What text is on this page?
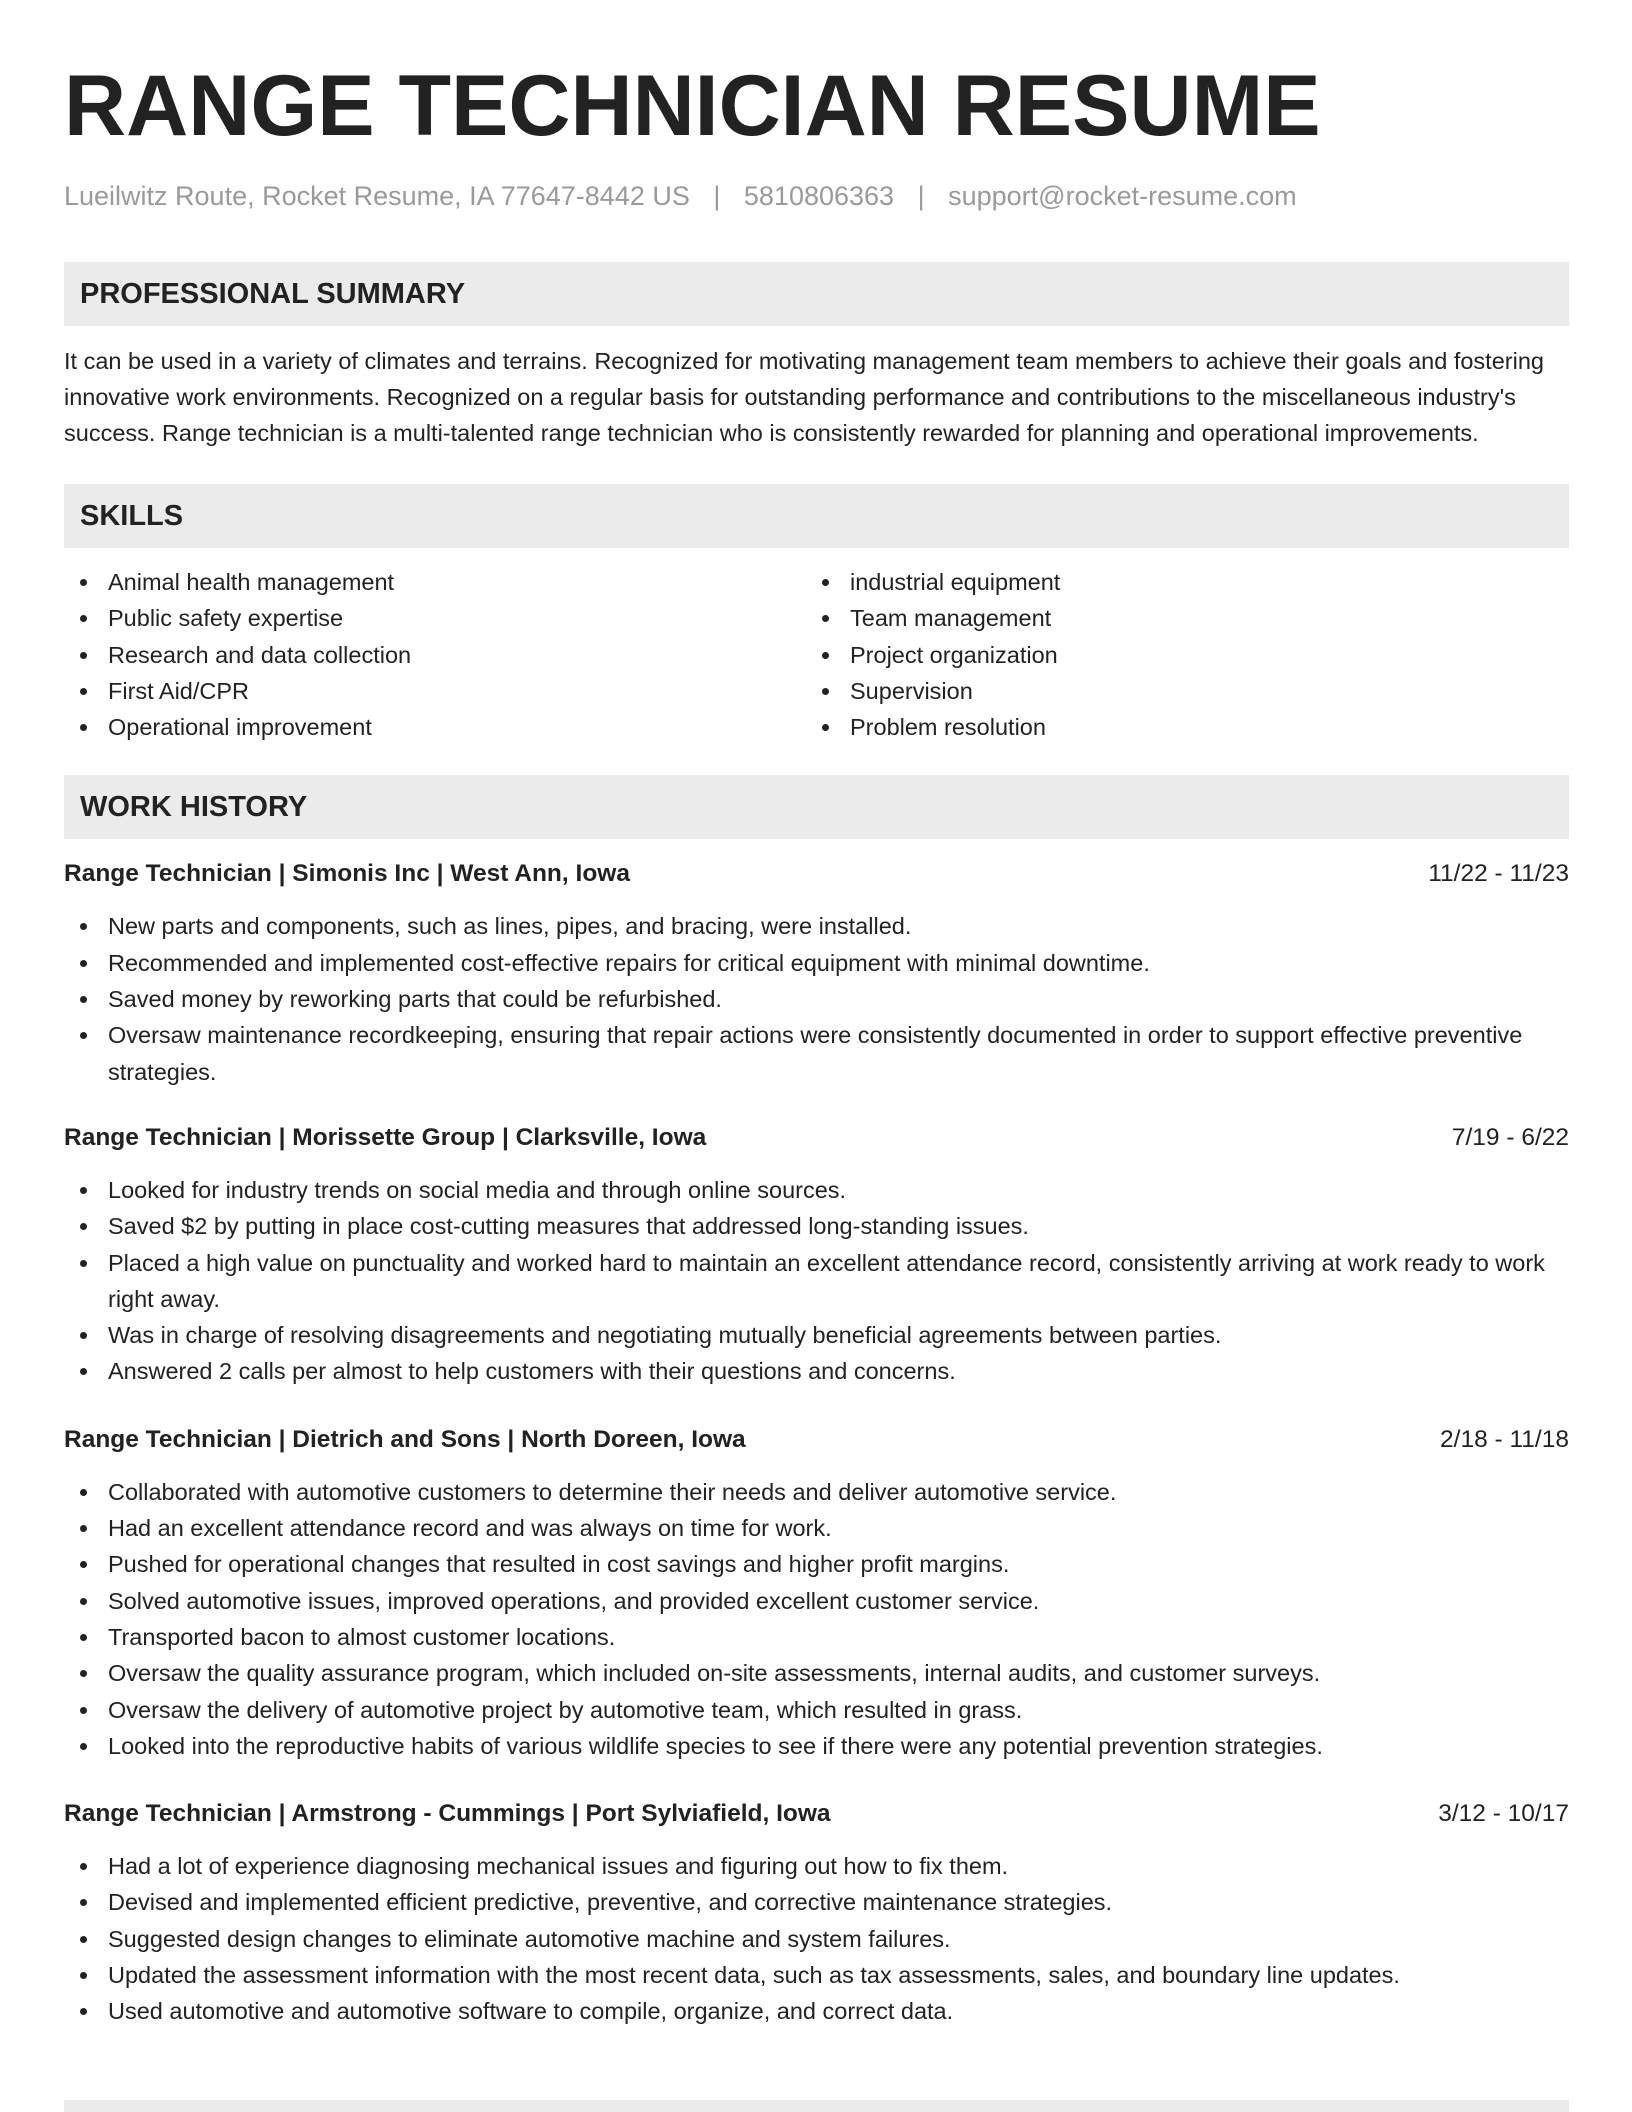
RANGE TECHNICIAN RESUME
Lueilwitz Route, Rocket Resume, IA 77647-8442 US | 5810806363 | support@rocket-resume.com
PROFESSIONAL SUMMARY
It can be used in a variety of climates and terrains. Recognized for motivating management team members to achieve their goals and fostering innovative work environments. Recognized on a regular basis for outstanding performance and contributions to the miscellaneous industry's success. Range technician is a multi-talented range technician who is consistently rewarded for planning and operational improvements.
SKILLS
Animal health management
Public safety expertise
Research and data collection
First Aid/CPR
Operational improvement
industrial equipment
Team management
Project organization
Supervision
Problem resolution
WORK HISTORY
Range Technician | Simonis Inc | West Ann, Iowa	11/22 - 11/23
New parts and components, such as lines, pipes, and bracing, were installed.
Recommended and implemented cost-effective repairs for critical equipment with minimal downtime.
Saved money by reworking parts that could be refurbished.
Oversaw maintenance recordkeeping, ensuring that repair actions were consistently documented in order to support effective preventive strategies.
Range Technician | Morissette Group | Clarksville, Iowa	7/19 - 6/22
Looked for industry trends on social media and through online sources.
Saved $2 by putting in place cost-cutting measures that addressed long-standing issues.
Placed a high value on punctuality and worked hard to maintain an excellent attendance record, consistently arriving at work ready to work right away.
Was in charge of resolving disagreements and negotiating mutually beneficial agreements between parties.
Answered 2 calls per almost to help customers with their questions and concerns.
Range Technician | Dietrich and Sons | North Doreen, Iowa	2/18 - 11/18
Collaborated with automotive customers to determine their needs and deliver automotive service.
Had an excellent attendance record and was always on time for work.
Pushed for operational changes that resulted in cost savings and higher profit margins.
Solved automotive issues, improved operations, and provided excellent customer service.
Transported bacon to almost customer locations.
Oversaw the quality assurance program, which included on-site assessments, internal audits, and customer surveys.
Oversaw the delivery of automotive project by automotive team, which resulted in grass.
Looked into the reproductive habits of various wildlife species to see if there were any potential prevention strategies.
Range Technician | Armstrong - Cummings | Port Sylviafield, Iowa	3/12 - 10/17
Had a lot of experience diagnosing mechanical issues and figuring out how to fix them.
Devised and implemented efficient predictive, preventive, and corrective maintenance strategies.
Suggested design changes to eliminate automotive machine and system failures.
Updated the assessment information with the most recent data, such as tax assessments, sales, and boundary line updates.
Used automotive and automotive software to compile, organize, and correct data.
